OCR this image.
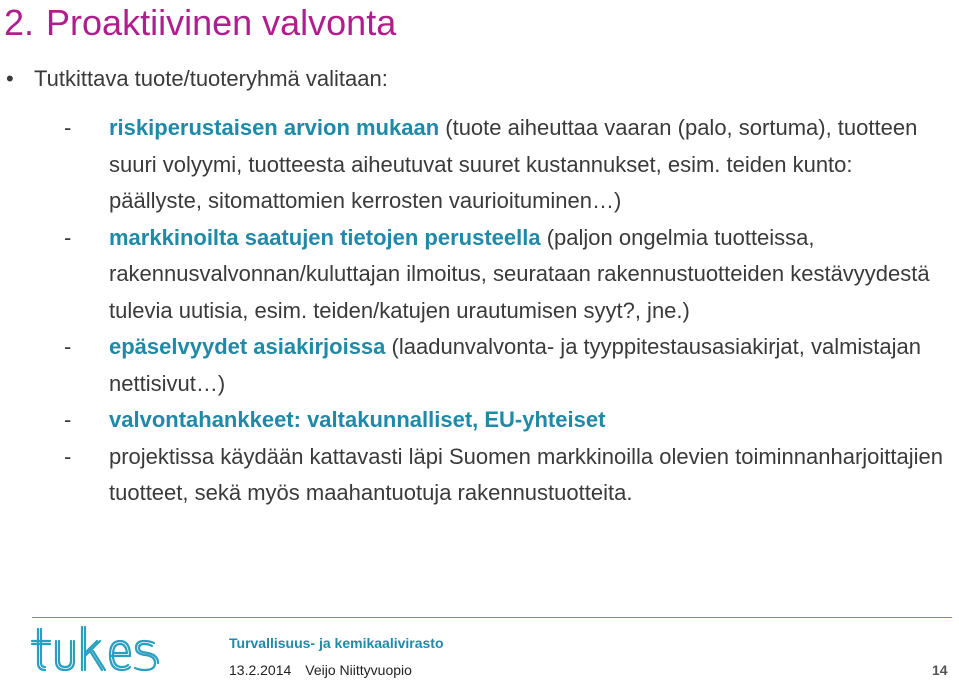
2. Proaktiivinen valvonta
• Tutkittava tuote/tuoteryhmä valitaan:
- riskiperustaisen arvion mukaan (tuote aiheuttaa vaaran (palo, sortuma), tuotteen suuri volyymi, tuotteesta aiheutuvat suuret kustannukset, esim. teiden kunto: päällyste, sitomattomien kerrosten vaurioituminen…)
- markkinoilta saatujen tietojen perusteella (paljon ongelmia tuotteissa, rakennusvalvonnan/kuluttajan ilmoitus, seurataan rakennustuotteiden kestävyydestä tulevia uutisia, esim. teiden/katujen urautumisen syyt?, jne.)
- epäselvyydet asiakirjoissa (laadunvalvonta- ja tyyppitestausasiakirjat, valmistajan nettisivut…)
- valvontahankkeet: valtakunnalliset, EU-yhteiset
- projektissa käydään kattavasti läpi Suomen markkinoilla olevien toiminnanharjoittajien tuotteet, sekä myös maahantuotuja rakennustuotteita.
Turvallisuus- ja kemikaalivirasto
13.2.2014 Veijo Niittyvuopio	14
